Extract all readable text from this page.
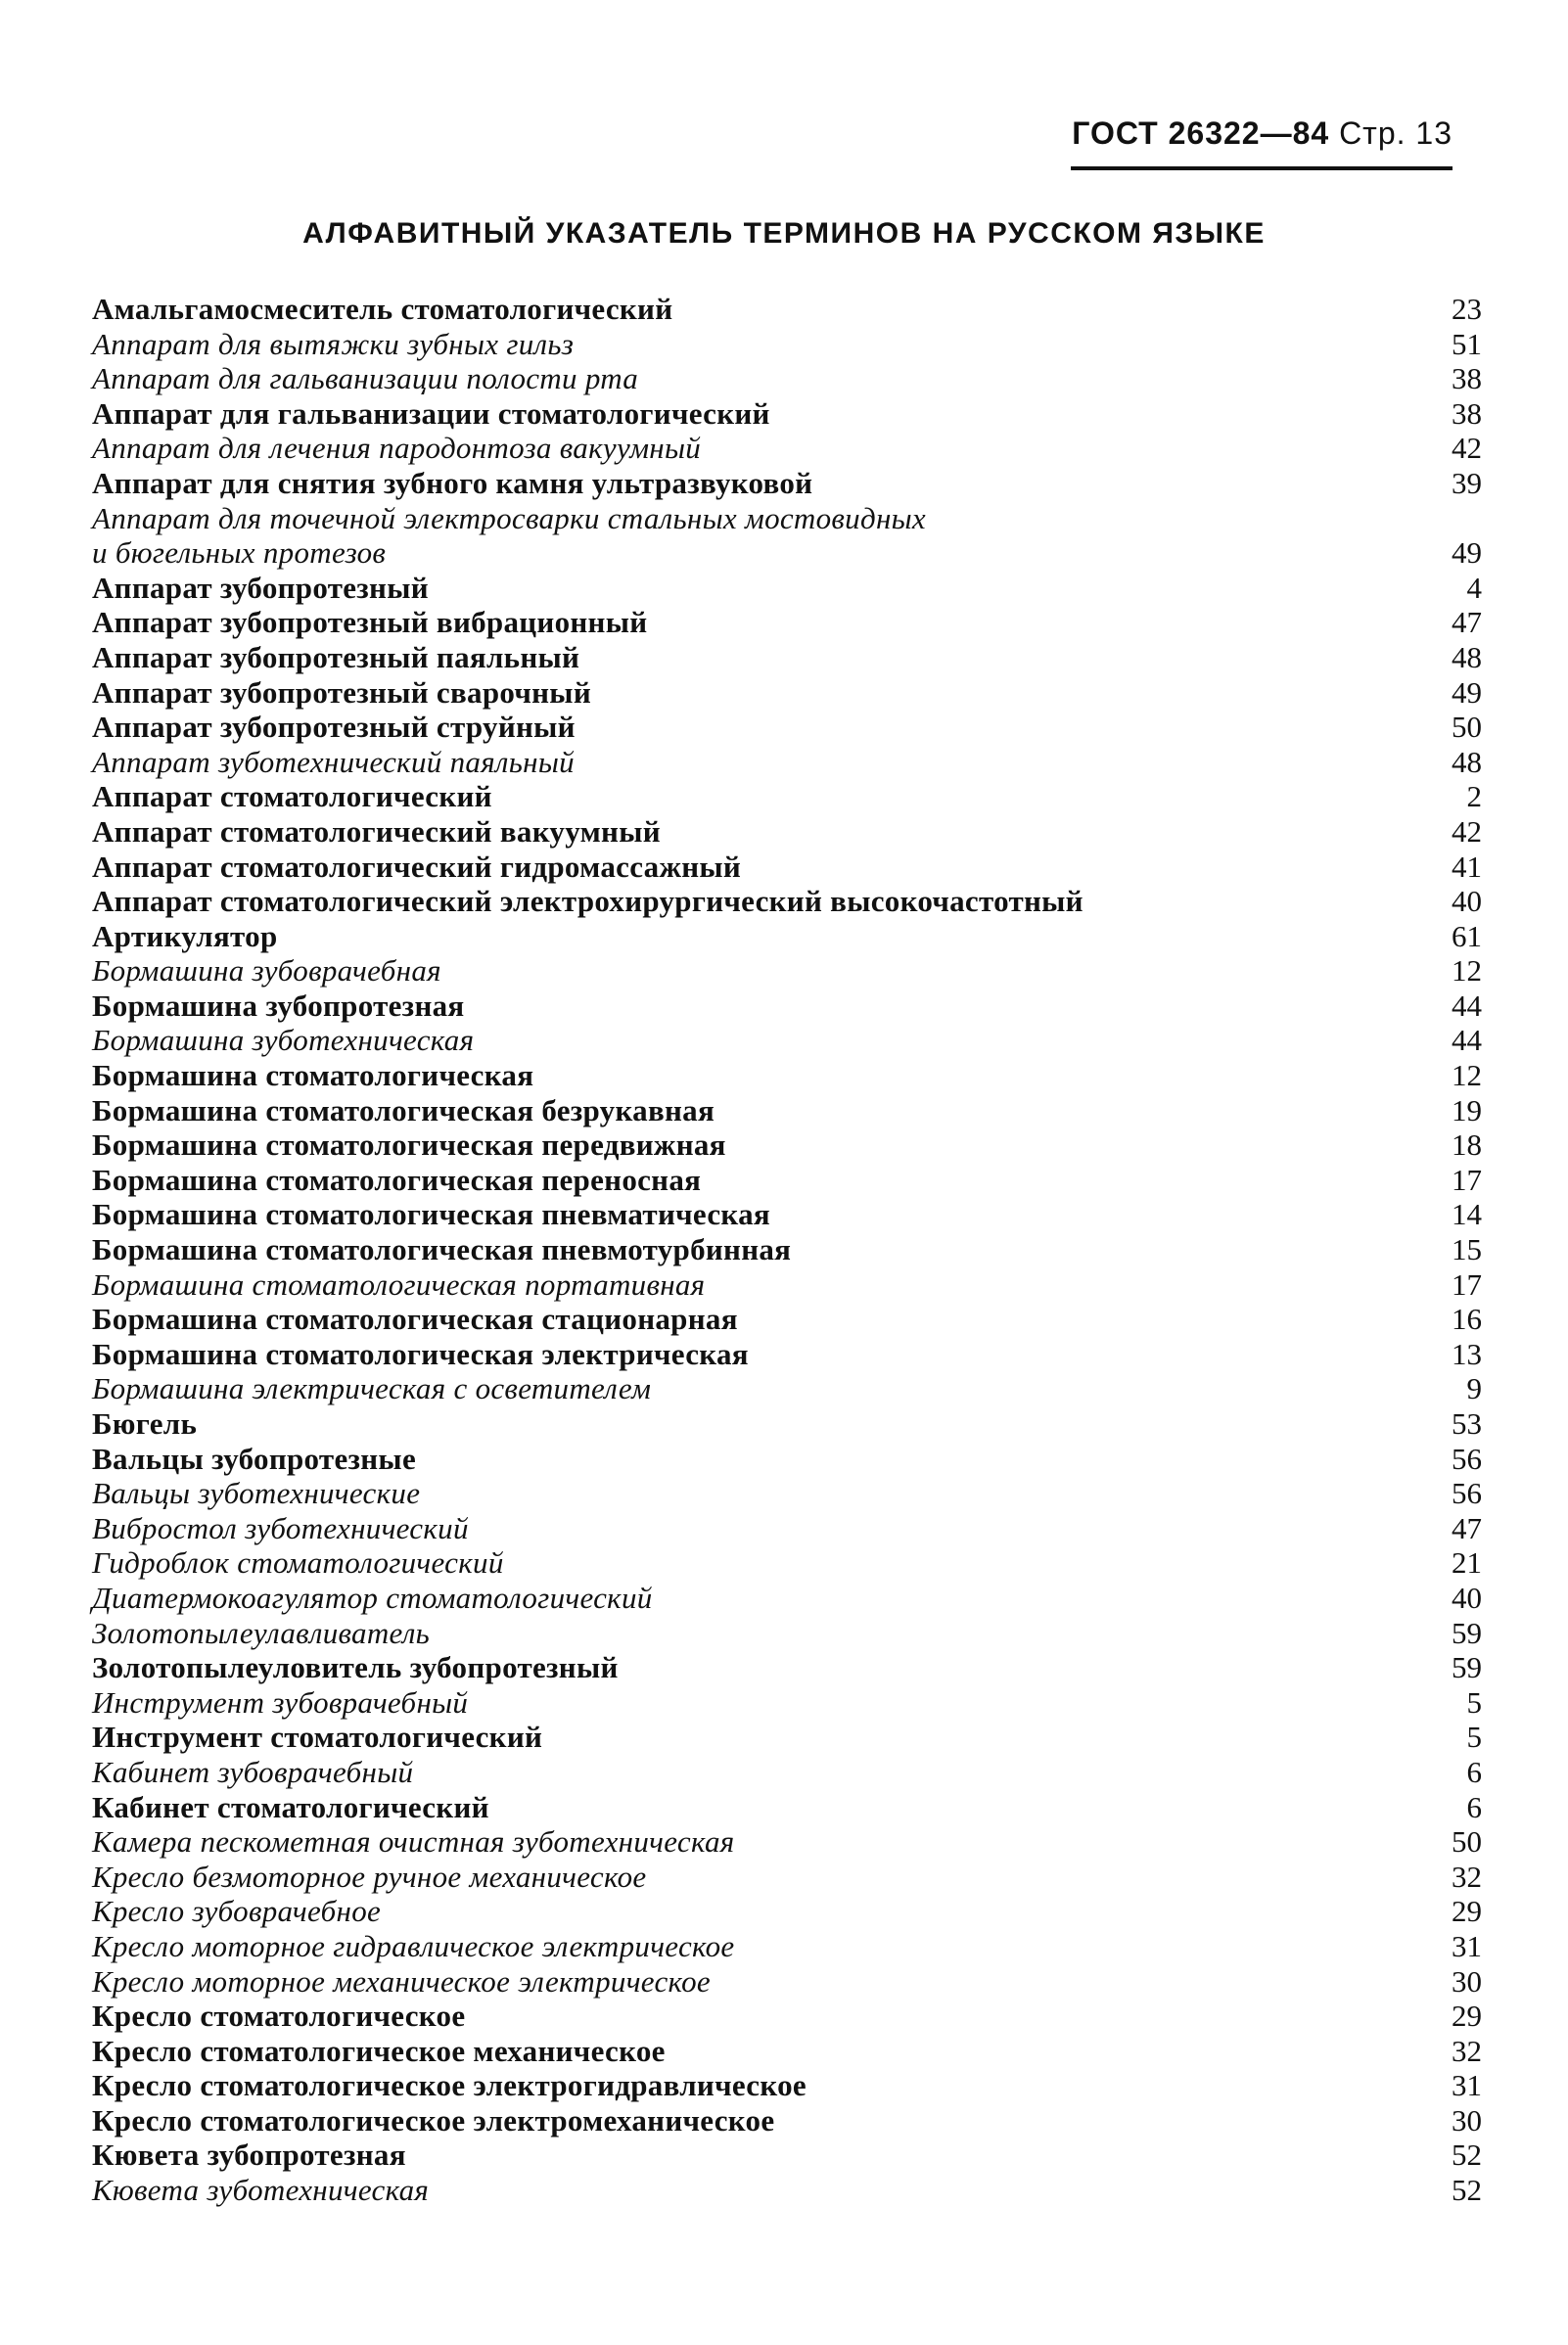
ГОСТ 26322—84 Стр. 13
АЛФАВИТНЫЙ УКАЗАТЕЛЬ ТЕРМИНОВ НА РУССКОМ ЯЗЫКЕ
Амальгамосмеситель стоматологический	23
Аппарат для вытяжки зубных гильз	51
Аппарат для гальванизации полости рта	38
Аппарат для гальванизации стоматологический	38
Аппарат для лечения пародонтоза вакуумный	42
Аппарат для снятия зубного камня ультразвуковой	39
Аппарат для точечной электросварки стальных мостовидных
и бюгельных протезов	49
Аппарат зубопротезный	4
Аппарат зубопротезный вибрационный	47
Аппарат зубопротезный паяльный	48
Аппарат зубопротезный сварочный	49
Аппарат зубопротезный струйный	50
Аппарат зуботехнический паяльный	48
Аппарат стоматологический	2
Аппарат стоматологический вакуумный	42
Аппарат стоматологический гидромассажный	41
Аппарат стоматологический электрохирургический высокочастотный	40
Артикулятор	61
Бормашина зубоврачебная	12
Бормашина зубопротезная	44
Бормашина зуботехническая	44
Бормашина стоматологическая	12
Бормашина стоматологическая безрукавная	19
Бормашина стоматологическая передвижная	18
Бормашина стоматологическая переносная	17
Бормашина стоматологическая пневматическая	14
Бормашина стоматологическая пневмотурбинная	15
Бормашина стоматологическая портативная	17
Бормашина стоматологическая стационарная	16
Бормашина стоматологическая электрическая	13
Бормашина электрическая с осветителем	9
Бюгель	53
Вальцы зубопротезные	56
Вальцы зуботехнические	56
Вибростол зуботехнический	47
Гидроблок стоматологический	21
Диатермокоагулятор стоматологический	40
Золотопылеулавливатель	59
Золотопылеуловитель зубопротезный	59
Инструмент зубоврачебный	5
Инструмент стоматологический	5
Кабинет зубоврачебный	6
Кабинет стоматологический	6
Камера пескометная очистная зуботехническая	50
Кресло безмоторное ручное механическое	32
Кресло зубоврачебное	29
Кресло моторное гидравлическое электрическое	31
Кресло моторное механическое электрическое	30
Кресло стоматологическое	29
Кресло стоматологическое механическое	32
Кресло стоматологическое электрогидравлическое	31
Кресло стоматологическое электромеханическое	30
Кювета зубопротезная	52
Кювета зуботехническая	52
